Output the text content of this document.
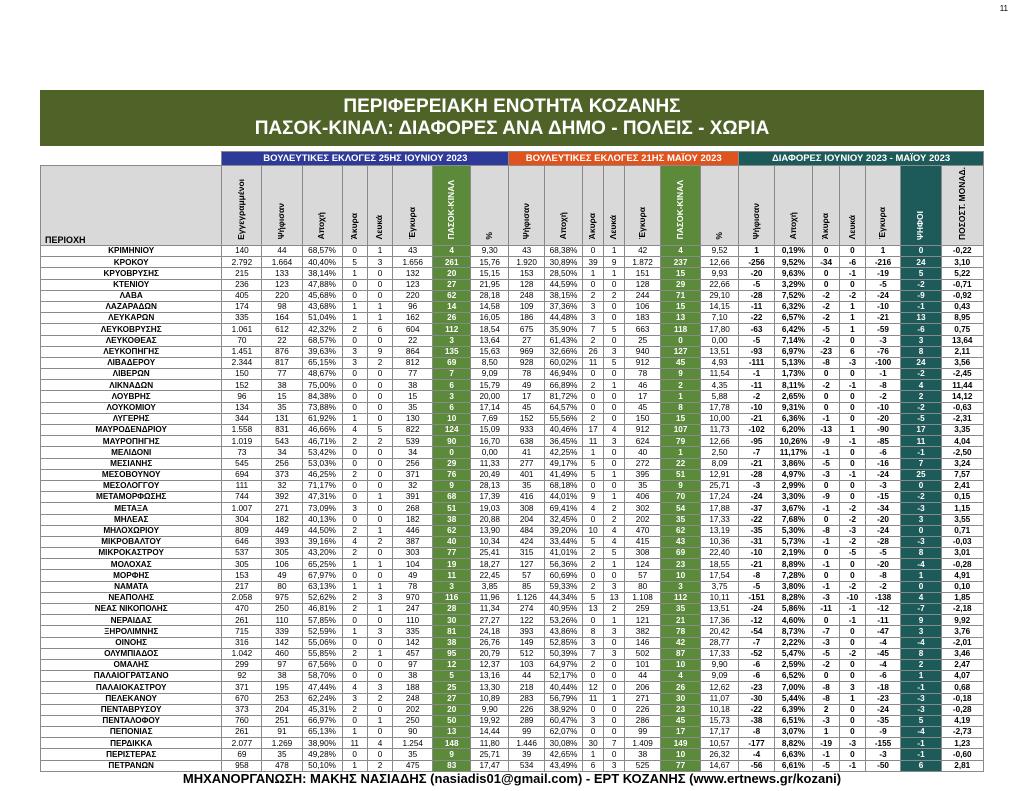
11
ΠΕΡΙΦΕΡΕΙΑΚΗ ΕΝΟΤΗΤΑ ΚΟΖΑΝΗΣ
ΠΑΣΟΚ-ΚΙΝΑΛ: ΔΙΑΦΟΡΕΣ ΑΝΑ ΔΗΜΟ - ΠΟΛΕΙΣ - ΧΩΡΙΑ
	ΒΟΥΛΕΥΤΙΚΕΣ ΕΚΛΟΓΕΣ 25ΗΣ ΙΟΥΝΙΟΥ 2023								ΒΟΥΛΕΥΤΙΚΕΣ ΕΚΛΟΓΕΣ 21ΗΣ ΜΑΪΟΥ 2023							ΔΙΑΦΟΡΕΣ ΙΟΥΝΙΟΥ 2023 - ΜΑΪΟΥ 2023						
ΠΕΡΙΟΧΗ	Εγγεγραμμένοι	Ψήφισαν	Αποχή	Άκυρα	Λευκά	Έγκυρα	ΠΑΣΟΚ-ΚΙΝΑΛ	%	Ψήφισαν	Αποχή	Άκυρα	Λευκά	Έγκυρα	ΠΑΣΟΚ-ΚΙΝΑΛ	%	Ψήφισαν	Αποχή	Άκυρα	Λευκά	Έγκυρα	ΨΗΦΟΙ	ΠΟΣΟΣΤ. ΜΟΝΑΔ.
ΚΡΙΜΗΝΙΟΥ	140	44	68,57%	0	1	43	4	9,30	43	68,38%	0	1	42	4	9,52	1	0,19%	0	0	1	0	-0,22
ΚΡΟΚΟΥ	2.792	1.664	40,40%	5	3	1.656	261	15,76	1.920	30,89%	39	9	1.872	237	12,66	-256	9,52%	-34	-6	-216	24	3,10
ΚΡΥΟΒΡΥΣΗΣ	215	133	38,14%	1	0	132	20	15,15	153	28,50%	1	1	151	15	9,93	-20	9,63%	0	-1	-19	5	5,22
ΚΤΕΝΙΟΥ	236	123	47,88%	0	0	123	27	21,95	128	44,59%	0	0	128	29	22,66	-5	3,29%	0	0	-5	-2	-0,71
ΛΑΒΑ	405	220	45,68%	0	0	220	62	28,18	248	38,15%	2	2	244	71	29,10	-28	7,52%	-2	-2	-24	-9	-0,92
ΛΑΖΑΡΑΔΩΝ	174	98	43,68%	1	1	96	14	14,58	109	37,36%	3	0	106	15	14,15	-11	6,32%	-2	1	-10	-1	0,43
ΛΕΥΚΑΡΩΝ	335	164	51,04%	1	1	162	26	16,05	186	44,48%	3	0	183	13	7,10	-22	6,57%	-2	1	-21	13	8,95
ΛΕΥΚΟΒΡΥΣΗΣ	1.061	612	42,32%	2	6	604	112	18,54	675	35,90%	7	5	663	118	17,80	-63	6,42%	-5	1	-59	-6	0,75
ΛΕΥΚΟΘΕΑΣ	70	22	68,57%	0	0	22	3	13,64	27	61,43%	2	0	25	0	0,00	-5	7,14%	-2	0	-3	3	13,64
ΛΕΥΚΟΠΗΓΗΣ	1.451	876	39,63%	3	9	864	135	15,63	969	32,66%	26	3	940	127	13,51	-93	6,97%	-23	6	-76	8	2,11
ΛΙΒΑΔΕΡΟΥ	2.344	817	65,15%	3	2	812	69	8,50	928	60,02%	11	5	912	45	4,93	-111	5,13%	-8	-3	-100	24	3,56
ΛΙΒΕΡΩΝ	150	77	48,67%	0	0	77	7	9,09	78	46,94%	0	0	78	9	11,54	-1	1,73%	0	0	-1	-2	-2,45
ΛΙΚΝΑΔΩΝ	152	38	75,00%	0	0	38	6	15,79	49	66,89%	2	1	46	2	4,35	-11	8,11%	-2	-1	-8	4	11,44
ΛΟΥΒΡΗΣ	96	15	84,38%	0	0	15	3	20,00	17	81,72%	0	0	17	1	5,88	-2	2,65%	0	0	-2	2	14,12
ΛΟΥΚΟΜΙΟΥ	134	35	73,88%	0	0	35	6	17,14	45	64,57%	0	0	45	8	17,78	-10	9,31%	0	0	-10	-2	-0,63
ΛΥΓΕΡΗΣ	344	131	61,92%	1	0	130	10	7,69	152	55,56%	2	0	150	15	10,00	-21	6,36%	-1	0	-20	-5	-2,31
ΜΑΥΡΟΔΕΝΔΡΙΟΥ	1.558	831	46,66%	4	5	822	124	15,09	933	40,46%	17	4	912	107	11,73	-102	6,20%	-13	1	-90	17	3,35
ΜΑΥΡΟΠΗΓΗΣ	1.019	543	46,71%	2	2	539	90	16,70	638	36,45%	11	3	624	79	12,66	-95	10,26%	-9	-1	-85	11	4,04
ΜΕΛΙΔΟΝΙ	73	34	53,42%	0	0	34	0	0,00	41	42,25%	1	0	40	1	2,50	-7	11,17%	-1	0	-6	-1	-2,50
ΜΕΣΙΑΝΗΣ	545	256	53,03%	0	0	256	29	11,33	277	49,17%	5	0	272	22	8,09	-21	3,86%	-5	0	-16	7	3,24
ΜΕΣΟΒΟΥΝΟΥ	694	373	46,25%	2	0	371	76	20,49	401	41,49%	5	1	395	51	12,91	-28	4,97%	-3	-1	-24	25	7,57
ΜΕΣΟΛΟΓΓΟΥ	111	32	71,17%	0	0	32	9	28,13	35	68,18%	0	0	35	9	25,71	-3	2,99%	0	0	-3	0	2,41
ΜΕΤΑΜΟΡΦΩΣΗΣ	744	392	47,31%	0	1	391	68	17,39	416	44,01%	9	1	406	70	17,24	-24	3,30%	-9	0	-15	-2	0,15
ΜΕΤΑΞΑ	1.007	271	73,09%	3	0	268	51	19,03	308	69,41%	4	2	302	54	17,88	-37	3,67%	-1	-2	-34	-3	1,15
ΜΗΛΕΑΣ	304	182	40,13%	0	0	182	38	20,88	204	32,45%	0	2	202	35	17,33	-22	7,68%	0	-2	-20	3	3,55
ΜΗΛΟΧΩΡΙΟΥ	809	449	44,50%	2	1	446	62	13,90	484	39,20%	10	4	470	62	13,19	-35	5,30%	-8	-3	-24	0	0,71
ΜΙΚΡΟΒΑΛΤΟΥ	646	393	39,16%	4	2	387	40	10,34	424	33,44%	5	4	415	43	10,36	-31	5,73%	-1	-2	-28	-3	-0,03
ΜΙΚΡΟΚΑΣΤΡΟΥ	537	305	43,20%	2	0	303	77	25,41	315	41,01%	2	5	308	69	22,40	-10	2,19%	0	-5	-5	8	3,01
ΜΟΛΟΧΑΣ	305	106	65,25%	1	1	104	19	18,27	127	56,36%	2	1	124	23	18,55	-21	8,89%	-1	0	-20	-4	-0,28
ΜΟΡΦΗΣ	153	49	67,97%	0	0	49	11	22,45	57	60,69%	0	0	57	10	17,54	-8	7,28%	0	0	-8	1	4,91
ΝΑΜΑΤΑ	217	80	63,13%	1	1	78	3	3,85	85	59,33%	2	3	80	3	3,75	-5	3,80%	-1	-2	-2	0	0,10
ΝΕΑΠΟΛΗΣ	2.058	975	52,62%	2	3	970	116	11,96	1.126	44,34%	5	13	1.108	112	10,11	-151	8,28%	-3	-10	-138	4	1,85
ΝΕΑΣ ΝΙΚΟΠΟΛΗΣ	470	250	46,81%	2	1	247	28	11,34	274	40,95%	13	2	259	35	13,51	-24	5,86%	-11	-1	-12	-7	-2,18
ΝΕΡΑΙΔΑΣ	261	110	57,85%	0	0	110	30	27,27	122	53,26%	0	1	121	21	17,36	-12	4,60%	0	-1	-11	9	9,92
ΞΗΡΟΛΙΜΝΗΣ	715	339	52,59%	1	3	335	81	24,18	393	43,86%	8	3	382	78	20,42	-54	8,73%	-7	0	-47	3	3,76
ΟΙΝΟΗΣ	316	142	55,06%	0	0	142	38	26,76	149	52,85%	3	0	146	42	28,77	-7	2,22%	-3	0	-4	-4	-2,01
ΟΛΥΜΠΙΑΔΟΣ	1.042	460	55,85%	2	1	457	95	20,79	512	50,39%	7	3	502	87	17,33	-52	5,47%	-5	-2	-45	8	3,46
ΟΜΑΛΗΣ	299	97	67,56%	0	0	97	12	12,37	103	64,97%	2	0	101	10	9,90	-6	2,59%	-2	0	-4	2	2,47
ΠΑΛΑΙΟΓΡΑΤΣΑΝΟ	92	38	58,70%	0	0	38	5	13,16	44	52,17%	0	0	44	4	9,09	-6	6,52%	0	0	-6	1	4,07
ΠΑΛΑΙΟΚΑΣΤΡΟΥ	371	195	47,44%	4	3	188	25	13,30	218	40,44%	12	0	206	26	12,62	-23	7,00%	-8	3	-18	-1	0,68
ΠΕΛΕΚΑΝΟΥ	670	253	62,24%	3	2	248	27	10,89	283	56,79%	11	1	271	30	11,07	-30	5,44%	-8	1	-23	-3	-0,18
ΠΕΝΤΑΒΡΥΣΟΥ	373	204	45,31%	2	0	202	20	9,90	226	38,92%	0	0	226	23	10,18	-22	6,39%	2	0	-24	-3	-0,28
ΠΕΝΤΑΛΟΦΟΥ	760	251	66,97%	0	1	250	50	19,92	289	60,47%	3	0	286	45	15,73	-38	6,51%	-3	0	-35	5	4,19
ΠΕΠΟΝΙΑΣ	261	91	65,13%	1	0	90	13	14,44	99	62,07%	0	0	99	17	17,17	-8	3,07%	1	0	-9	-4	-2,73
ΠΕΡΔΙΚΚΑ	2.077	1.269	38,90%	11	4	1.254	148	11,80	1.446	30,08%	30	7	1.409	149	10,57	-177	8,82%	-19	-3	-155	-1	1,23
ΠΕΡΙΣΤΕΡΑΣ	69	35	49,28%	0	0	35	9	25,71	39	42,65%	1	0	38	10	26,32	-4	6,63%	-1	0	-3	-1	-0,60
ΠΕΤΡΑΝΩΝ	958	478	50,10%	1	2	475	83	17,47	534	43,49%	6	3	525	77	14,67	-56	6,61%	-5	-1	-50	6	2,81
ΜΗΧΑΝΟΡΓΑΝΩΣΗ: ΜΑΚΗΣ ΝΑΣΙΑΔΗΣ (nasiadis01@gmail.com) - ΕΡΤ ΚΟΖΑΝΗΣ (www.ertnews.gr/kozani)
